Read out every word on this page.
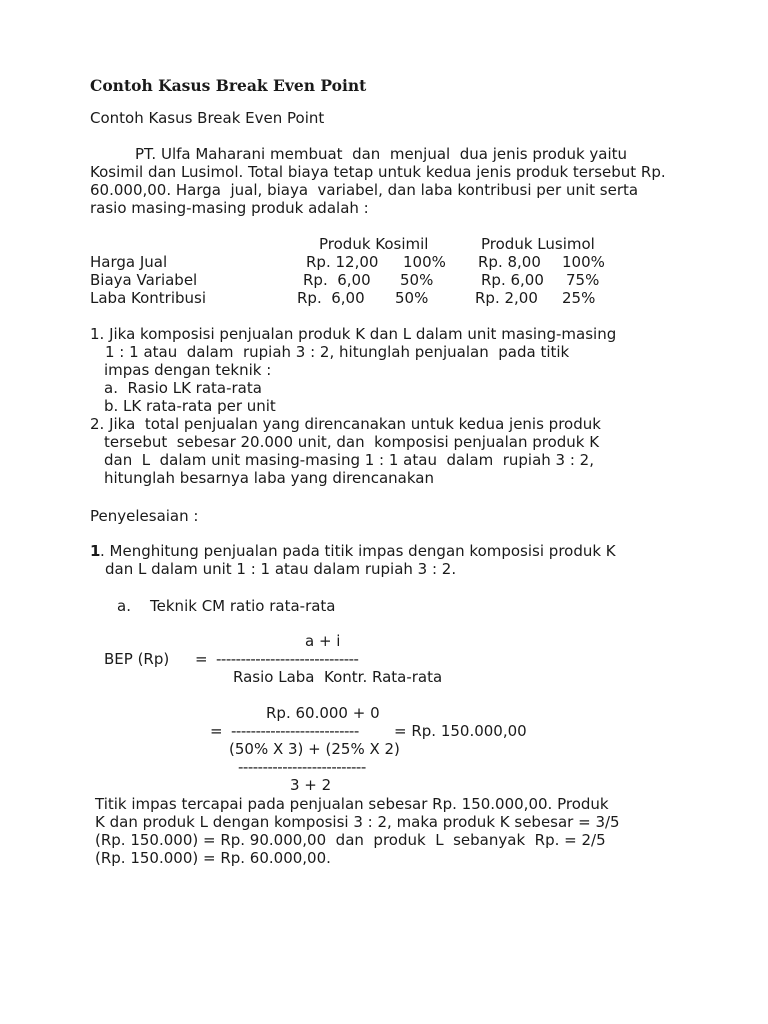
Contoh Kasus Break Even Point
Contoh Kasus Break Even Point
PT. Ulfa Maharani membuat  dan  menjual  dua jenis produk yaitu
Kosimil dan Lusimol. Total biaya tetap untuk kedua jenis produk tersebut Rp.
60.000,00. Harga  jual, biaya  variabel, dan laba kontribusi per unit serta
rasio masing-masing produk adalah :
Produk Kosimil	Produk Lusimol
Harga Jual	Rp. 12,00 100% Rp. 8,00 100%
Biaya Variabel	Rp.  6,00 50%	Rp. 6,00 75%
Laba Kontribusi	Rp.  6,00 50%	Rp. 2,00 25%
1. Jika komposisi penjualan produk K dan L dalam unit masing-masing
1 : 1 atau  dalam  rupiah 3 : 2, hitunglah penjualan  pada titik
impas dengan teknik :
a.  Rasio LK rata-rata
b. LK rata-rata per unit
2. Jika  total penjualan yang direncanakan untuk kedua jenis produk
tersebut  sebesar 20.000 unit, dan  komposisi penjualan produk K
dan  L  dalam unit masing-masing 1 : 1 atau  dalam  rupiah 3 : 2,
hitunglah besarnya laba yang direncanakan
Penyelesaian :
1 . Menghitung penjualan pada titik impas dengan komposisi produk K
dan L dalam unit 1 : 1 atau dalam rupiah 3 : 2.
a.    Teknik CM ratio rata-rata
a + i
BEP (Rp) = -----------------------------
Rasio Laba  Kontr. Rata-rata
Rp. 60.000 + 0
= -------------------------- = Rp. 150.000,00
(50% X 3) + (25% X 2)
--------------------------
3 + 2
Titik impas tercapai pada penjualan sebesar Rp. 150.000,00. Produk
K dan produk L dengan komposisi 3 : 2, maka produk K sebesar = 3/5
(Rp. 150.000) = Rp. 90.000,00  dan  produk  L  sebanyak  Rp. = 2/5
(Rp. 150.000) = Rp. 60.000,00.
